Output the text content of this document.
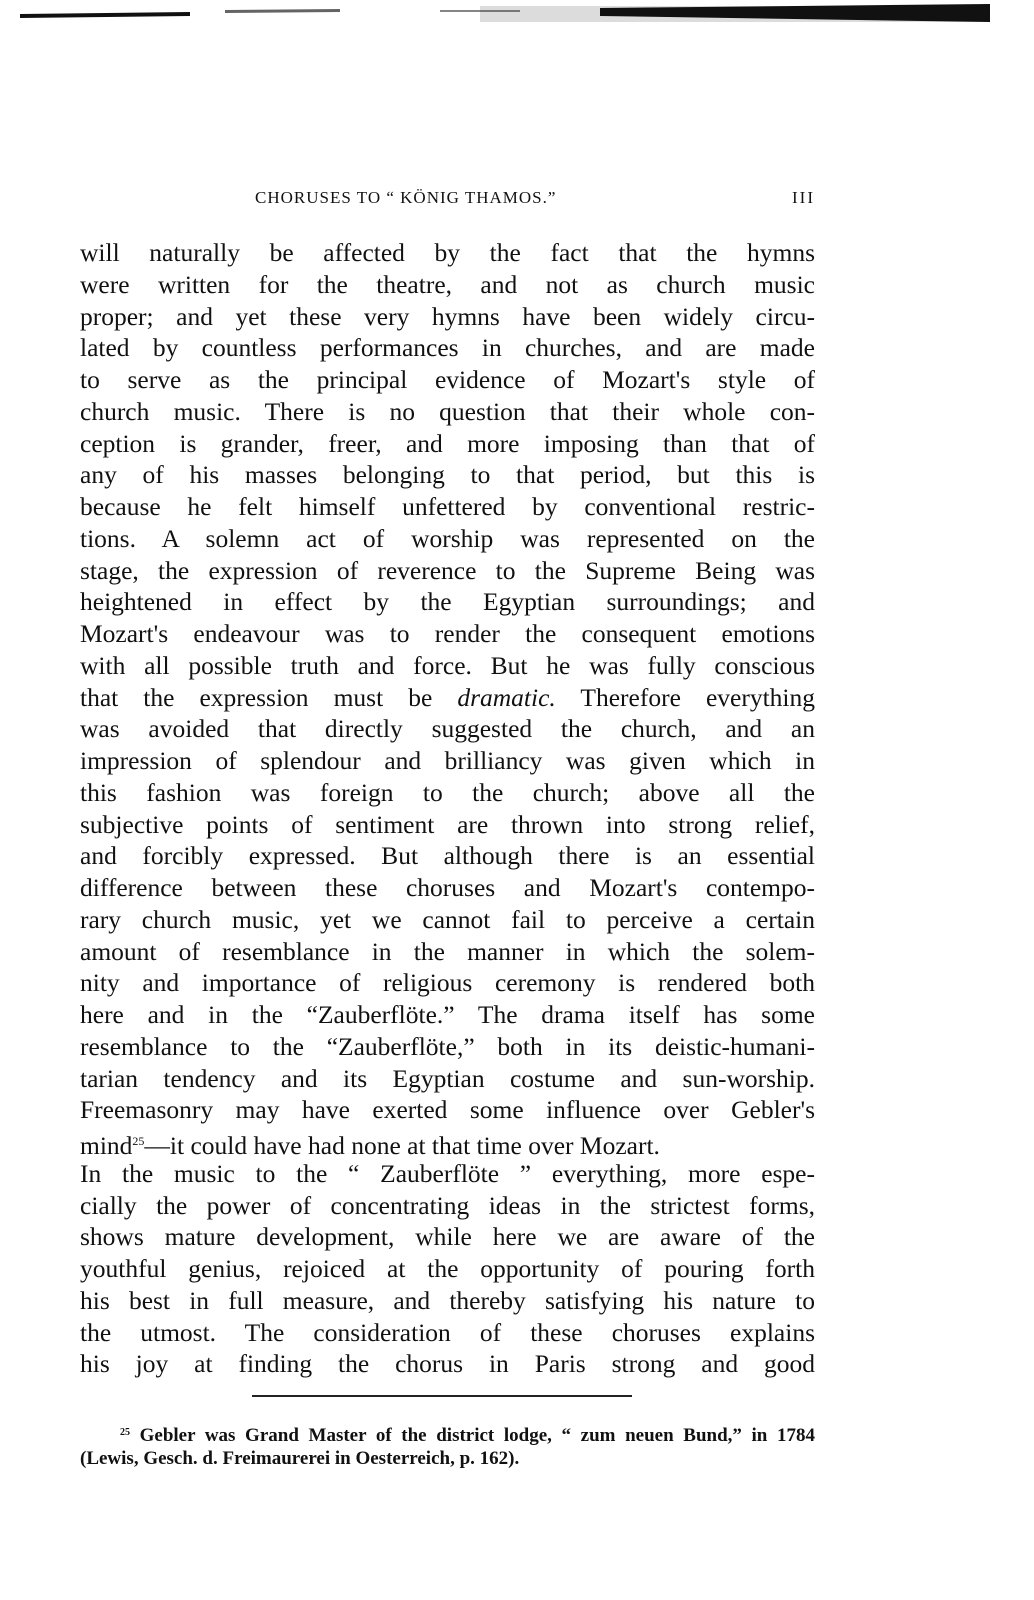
CHORUSES TO “ KÖNIG THAMOS.”	III
will naturally be affected by the fact that the hymns
were written for the theatre, and not as church music
proper; and yet these very hymns have been widely circu-
lated by countless performances in churches, and are made
to serve as the principal evidence of Mozart's style of
church music. There is no question that their whole con-
ception is grander, freer, and more imposing than that of
any of his masses belonging to that period, but this is
because he felt himself unfettered by conventional restric-
tions. A solemn act of worship was represented on the
stage, the expression of reverence to the Supreme Being was
heightened in effect by the Egyptian surroundings; and
Mozart's endeavour was to render the consequent emotions
with all possible truth and force. But he was fully conscious
that the expression must be dramatic. Therefore everything
was avoided that directly suggested the church, and an
impression of splendour and brilliancy was given which in
this fashion was foreign to the church; above all the
subjective points of sentiment are thrown into strong relief,
and forcibly expressed. But although there is an essential
difference between these choruses and Mozart's contempo-
rary church music, yet we cannot fail to perceive a certain
amount of resemblance in the manner in which the solem-
nity and importance of religious ceremony is rendered both
here and in the “Zauberflöte.” The drama itself has some
resemblance to the “Zauberflöte,” both in its deistic-humani-
tarian tendency and its Egyptian costume and sun-worship.
Freemasonry may have exerted some influence over Gebler's
mind$^{25}$—it could have had none at that time over Mozart.
In the music to the “ Zauberflöte ” everything, more espe-
cially the power of concentrating ideas in the strictest forms,
shows mature development, while here we are aware of the
youthful genius, rejoiced at the opportunity of pouring forth
his best in full measure, and thereby satisfying his nature to
the utmost. The consideration of these choruses explains
his joy at finding the chorus in Paris strong and good
$^{25}$ Gebler was Grand Master of the district lodge, “ zum neuen Bund,” in 1784
(Lewis, Gesch. d. Freimaurerei in Oesterreich, p. 162).
